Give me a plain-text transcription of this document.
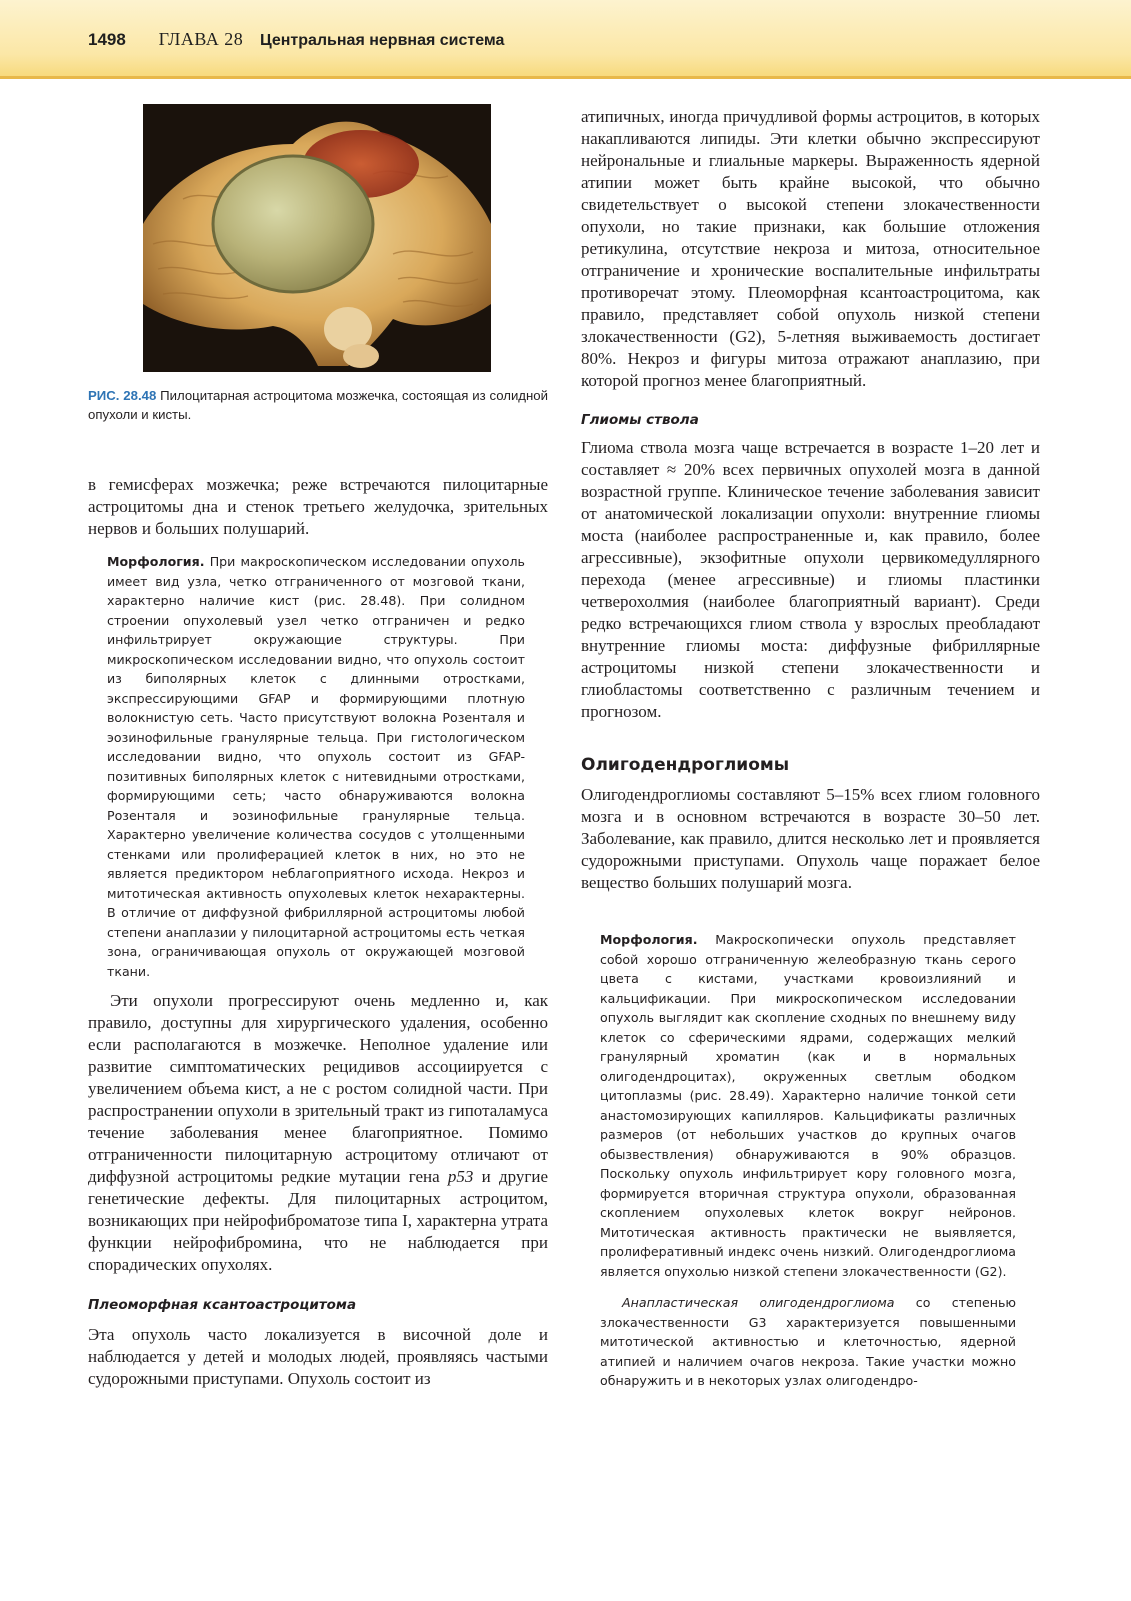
1498 ГЛАВА 28 Центральная нервная система
РИС. 28.48 Пилоцитарная астроцитома мозжечка, состоящая из солидной опухоли и кисты.

в гемисферах мозжечка; реже встречаются пилоцитарные астроцитомы дна и стенок третьего желудочка, зрительных нервов и больших полушарий.

Морфология. При макроскопическом исследовании опухоль имеет вид узла, четко отграниченного от мозговой ткани, характерно наличие кист (рис. 28.48). При солидном строении опухолевый узел четко отграничен и редко инфильтрирует окружающие структуры. При микроскопическом исследовании видно, что опухоль состоит из биполярных клеток с длинными отростками, экспрессирующими GFAP и формирующими плотную волокнистую сеть. Часто присутствуют волокна Розенталя и эозинофильные гранулярные тельца. При гистологическом исследовании видно, что опухоль состоит из GFAP-позитивных биполярных клеток с нитевидными отростками, формирующими сеть; часто обнаруживаются волокна Розенталя и эозинофильные гранулярные тельца. Характерно увеличение количества сосудов с утолщенными стенками или пролиферацией клеток в них, но это не является предиктором неблагоприятного исхода. Некроз и митотическая активность опухолевых клеток нехарактерны. В отличие от диффузной фибриллярной астроцитомы любой степени анаплазии у пилоцитарной астроцитомы есть четкая зона, ограничивающая опухоль от окружающей мозговой ткани.

Эти опухоли прогрессируют очень медленно и, как правило, доступны для хирургического удаления, особенно если располагаются в мозжечке. Неполное удаление или развитие симптоматических рецидивов ассоциируется с увеличением объема кист, а не с ростом солидной части. При распространении опухоли в зрительный тракт из гипоталамуса течение заболевания менее благоприятное. Помимо отграниченности пилоцитарную астроцитому отличают от диффузной астроцитомы редкие мутации гена p53 и другие генетические дефекты. Для пилоцитарных астроцитом, возникающих при нейрофиброматозе типа I, характерна утрата функции нейрофибромина, что не наблюдается при спорадических опухолях.

Плеоморфная ксантоастроцитома

Эта опухоль часто локализуется в височной доле и наблюдается у детей и молодых людей, проявляясь частыми судорожными приступами. Опухоль состоит из

атипичных, иногда причудливой формы астроцитов, в которых накапливаются липиды. Эти клетки обычно экспрессируют нейрональные и глиальные маркеры. Выраженность ядерной атипии может быть крайне высокой, что обычно свидетельствует о высокой степени злокачественности опухоли, но такие признаки, как большие отложения ретикулина, отсутствие некроза и митоза, относительное отграничение и хронические воспалительные инфильтраты противоречат этому. Плеоморфная ксантоастроцитома, как правило, представляет собой опухоль низкой степени злокачественности (G2), 5-летняя выживаемость достигает 80%. Некроз и фигуры митоза отражают анаплазию, при которой прогноз менее благоприятный.

Глиомы ствола

Глиома ствола мозга чаще встречается в возрасте 1–20 лет и составляет ≈ 20% всех первичных опухолей мозга в данной возрастной группе. Клиническое течение заболевания зависит от анатомической локализации опухоли: внутренние глиомы моста (наиболее распространенные и, как правило, более агрессивные), экзофитные опухоли цервикомедуллярного перехода (менее агрессивные) и глиомы пластинки четверохолмия (наиболее благоприятный вариант). Среди редко встречающихся глиом ствола у взрослых преобладают внутренние глиомы моста: диффузные фибриллярные астроцитомы низкой степени злокачественности и глиобластомы соответственно с различным течением и прогнозом.

Олигодендроглиомы

Олигодендроглиомы составляют 5–15% всех глиом головного мозга и в основном встречаются в возрасте 30–50 лет. Заболевание, как правило, длится несколько лет и проявляется судорожными приступами. Опухоль чаще поражает белое вещество больших полушарий мозга.

Морфология. Макроскопически опухоль представляет собой хорошо отграниченную желеобразную ткань серого цвета с кистами, участками кровоизлияний и кальцификации. При микроскопическом исследовании опухоль выглядит как скопление сходных по внешнему виду клеток со сферическими ядрами, содержащих мелкий гранулярный хроматин (как и в нормальных олигодендроцитах), окруженных светлым ободком цитоплазмы (рис. 28.49). Характерно наличие тонкой сети анастомозирующих капилляров. Кальцификаты различных размеров (от небольших участков до крупных очагов обызвествления) обнаруживаются в 90% образцов. Поскольку опухоль инфильтрирует кору головного мозга, формируется вторичная структура опухоли, образованная скоплением опухолевых клеток вокруг нейронов. Митотическая активность практически не выявляется, пролиферативный индекс очень низкий. Олигодендроглиома является опухолью низкой степени злокачественности (G2).
Анапластическая олигодендроглиома со степенью злокачественности G3 характеризуется повышенными митотической активностью и клеточностью, ядерной атипией и наличием очагов некроза. Такие участки можно обнаружить и в некоторых узлах олигодендро-
